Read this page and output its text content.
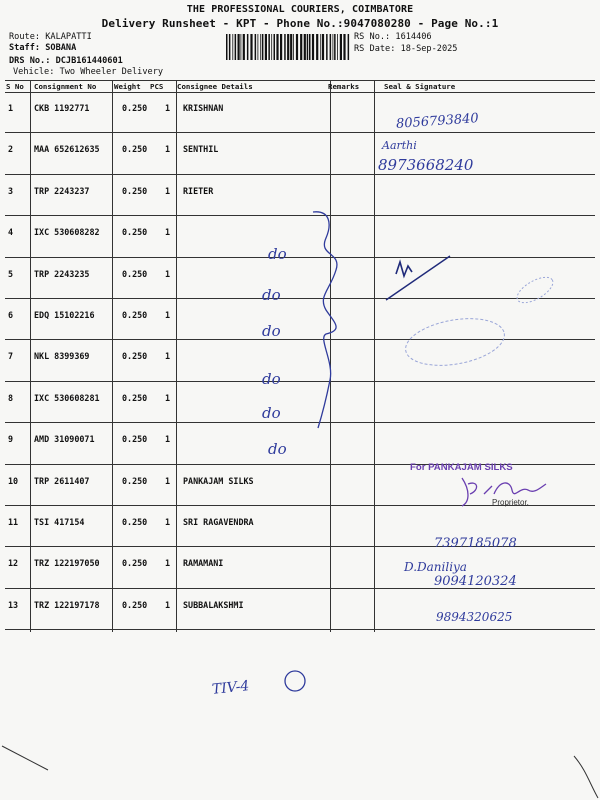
THE PROFESSIONAL COURIERS, COIMBATORE
Delivery Runsheet - KPT - Phone No.:9047080280 - Page No.:1
Route: KALAPATTI
Staff: SOBANA
DRS No.: DCJB161440601
Vehicle: Two Wheeler Delivery
RS No.: 1614406
RS Date: 18-Sep-2025
S No Consignment No Weight PCS Consignee Details	Remarks	Seal & Signature
1 CKB 1192771	0.250 1 KRISHNAN
2 MAA 652612635	0.250 1 SENTHIL
3 TRP 2243237	0.250 1 RIETER
4 IXC 530608282	0.250 1
5 TRP 2243235	0.250 1
6 EDQ 15102216	0.250 1
7 NKL 8399369	0.250 1
8 IXC 530608281	0.250 1
9 AMD 31090071	0.250 1
10 TRP 2611407	0.250 1 PANKAJAM SILKS
11 TSI 417154	0.250 1 SRI RAGAVENDRA
12 TRZ 122197050	0.250 1 RAMAMANI
13 TRZ 122197178	0.250 1 SUBBALAKSHMI
8056793840
Aarthi
8973668240
do
do
do
do
do
do
For PANKAJAM SILKS
Proprietor.
7397185078
D.Daniliya
9094120324
9894320625
TIV-4
